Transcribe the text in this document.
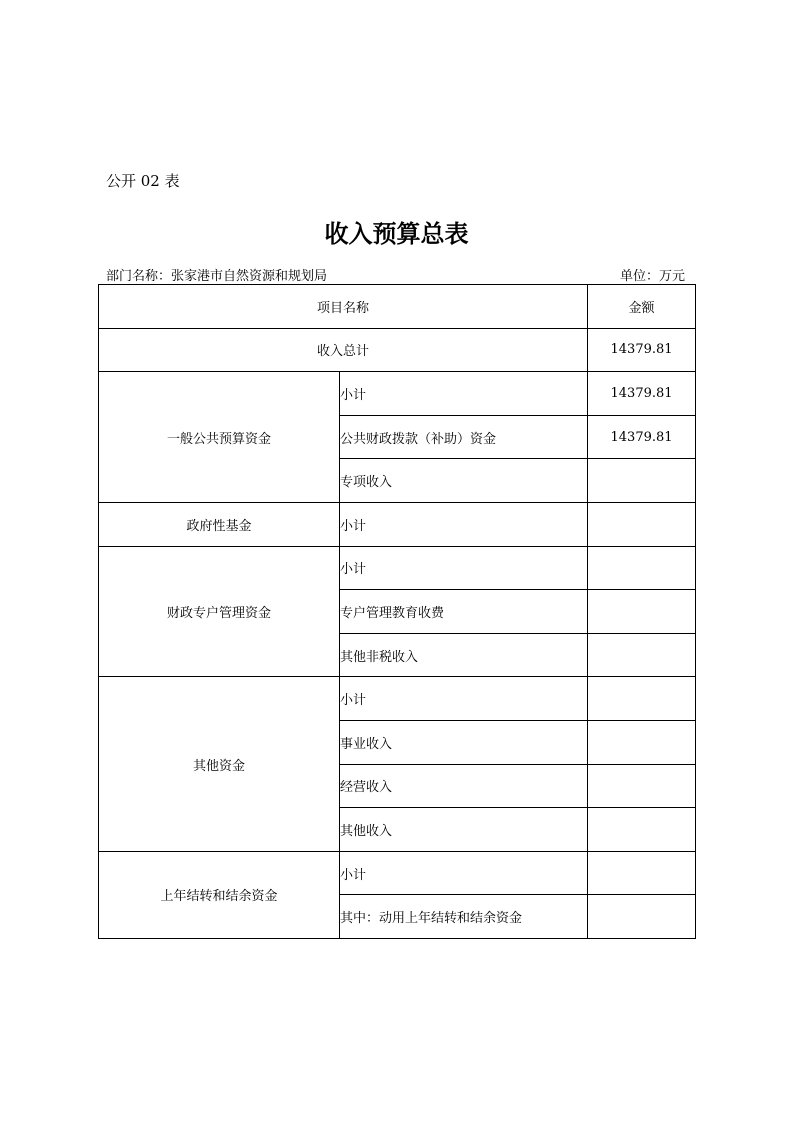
公开 02 表
收入预算总表
部门名称：张家港市自然资源和规划局	单位：万元
项目名称		金额
收入总计		14379.81
一般公共预算资金	小计	14379.81
	公共财政拨款（补助）资金	14379.81
	专项收入	
政府性基金	小计	
财政专户管理资金	小计	
	专户管理教育收费	
	其他非税收入	
其他资金	小计	
	事业收入	
	经营收入	
	其他收入	
上年结转和结余资金	小计	
	其中：动用上年结转和结余资金	
